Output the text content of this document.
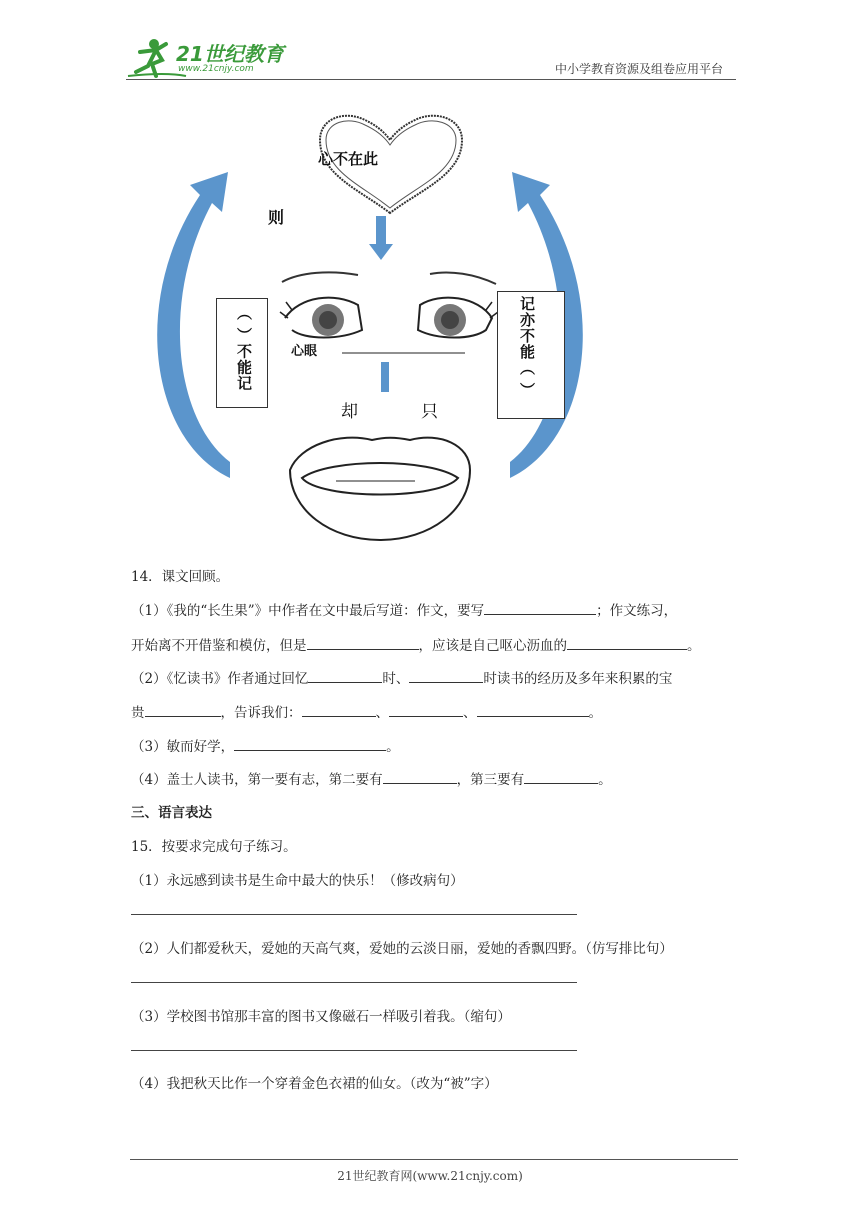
21世纪教育
www.21cnjy.com	中小学教育资源及组卷应用平台
心不在此
则
心眼
却	只
（ ）不能记	记亦不能（ ）
14．课文回顾。
（1）《我的“长生果”》中作者在文中最后写道：作文，要写	；作文练习，
开始离不开借鉴和模仿，但是	，应该是自己呕心沥血的	。
（2）《忆读书》作者通过回忆	时、	时读书的经历及多年来积累的宝
贵	，告诉我们：	、	、	。
（3）敏而好学，	。
（4）盖士人读书，第一要有志，第二要有	，第三要有	。
三、语言表达
15．按要求完成句子练习。
（1）永远感到读书是生命中最大的快乐！（修改病句）
（2）人们都爱秋天，爱她的天高气爽，爱她的云淡日丽，爱她的香飘四野。（仿写排比句）
（3）学校图书馆那丰富的图书又像磁石一样吸引着我。（缩句）
（4）我把秋天比作一个穿着金色衣裙的仙女。（改为“被”字）
21世纪教育网(www.21cnjy.com)
